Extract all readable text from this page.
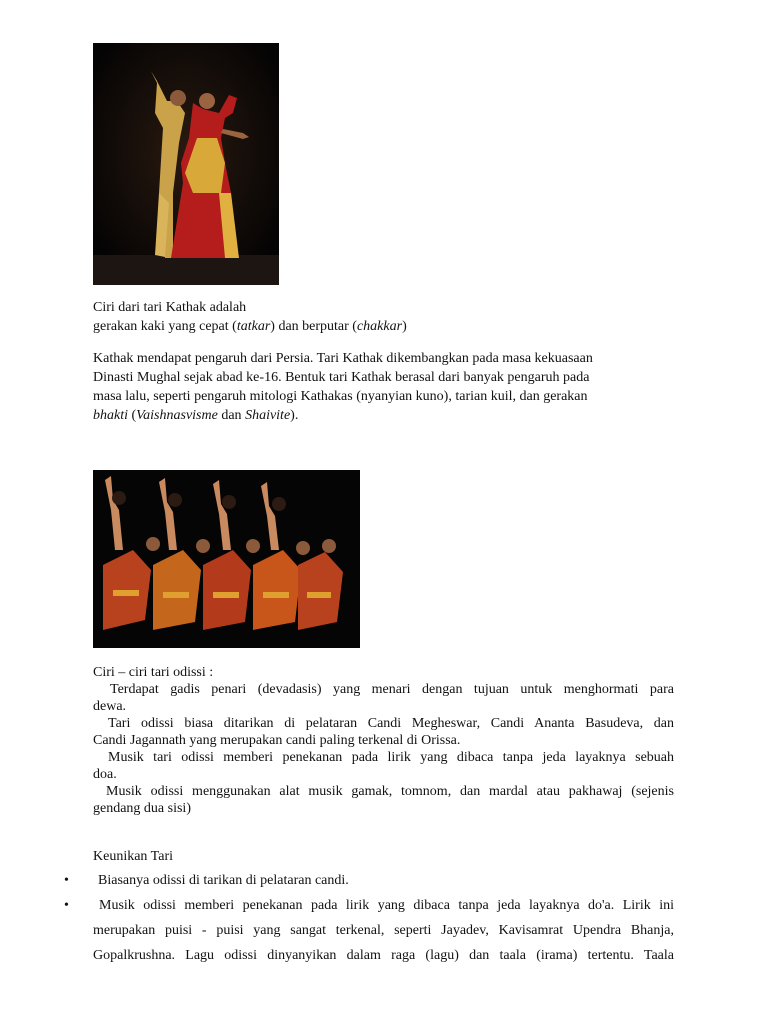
Ciri dari tari Kathak adalah
gerakan kaki yang cepat (tatkar) dan berputar (chakkar)
Kathak mendapat pengaruh dari Persia. Tari Kathak dikembangkan pada masa kekuasaan
Dinasti Mughal sejak abad ke-16. Bentuk tari Kathak berasal dari banyak pengaruh pada
masa lalu, seperti pengaruh mitologi Kathakas (nyanyian kuno), tarian kuil, dan gerakan
bhakti (Vaishnasvisme dan Shaivite).
Ciri – ciri tari odissi :
Terdapat gadis penari (devadasis) yang menari dengan tujuan untuk menghormati para
dewa.
Tari odissi biasa ditarikan di pelataran Candi Megheswar, Candi Ananta Basudeva, dan
Candi Jagannath yang merupakan candi paling terkenal di Orissa.
Musik tari odissi memberi penekanan pada lirik yang dibaca tanpa jeda layaknya sebuah
doa.
Musik odissi menggunakan alat musik gamak, tomnom, dan mardal atau pakhawaj (sejenis
gendang dua sisi)
Keunikan Tari
• Biasanya odissi di tarikan di pelataran candi.
• Musik odissi memberi penekanan pada lirik yang dibaca tanpa jeda layaknya do'a. Lirik ini
merupakan puisi - puisi yang sangat terkenal, seperti Jayadev, Kavisamrat Upendra Bhanja,
Gopalkrushna. Lagu odissi dinyanyikan dalam raga (lagu) dan taala (irama) tertentu. Taala
